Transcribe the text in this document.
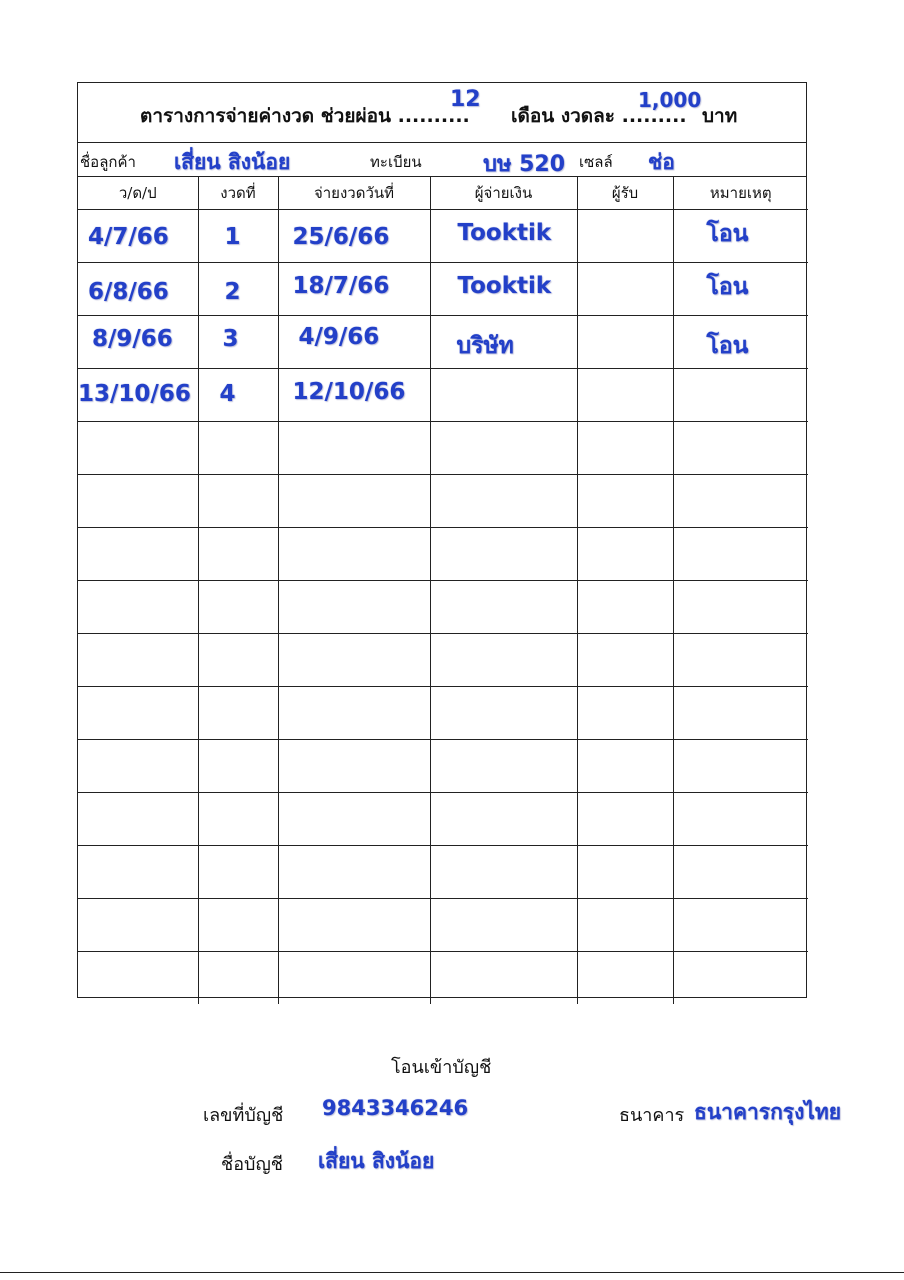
ตารางการจ่ายค่างวด ช่วยผ่อน ..........
12
เดือน งวดละ .........
1,000
บาท
ชื่อลูกค้า เสี่ยน สิงน้อย	ทะเบียน	บษ 520 เซลล์ ช่อ
ว/ด/ป	งวดที่	จ่ายงวดวันที่	ผู้จ่ายเงิน	ผู้รับ	หมายเหตุ

4/7/66	1	25/6/66	Tooktik		โอน

6/8/66	2	18/7/66	Tooktik		โอน

8/9/66	3	4/9/66	บริษัท		โอน

13/10/66	4	12/10/66			

โอนเข้าบัญชี
เลขที่บัญชี 9843346246	ธนาคาร ธนาคารกรุงไทย
ชื่อบัญชี เสี่ยน สิงน้อย
